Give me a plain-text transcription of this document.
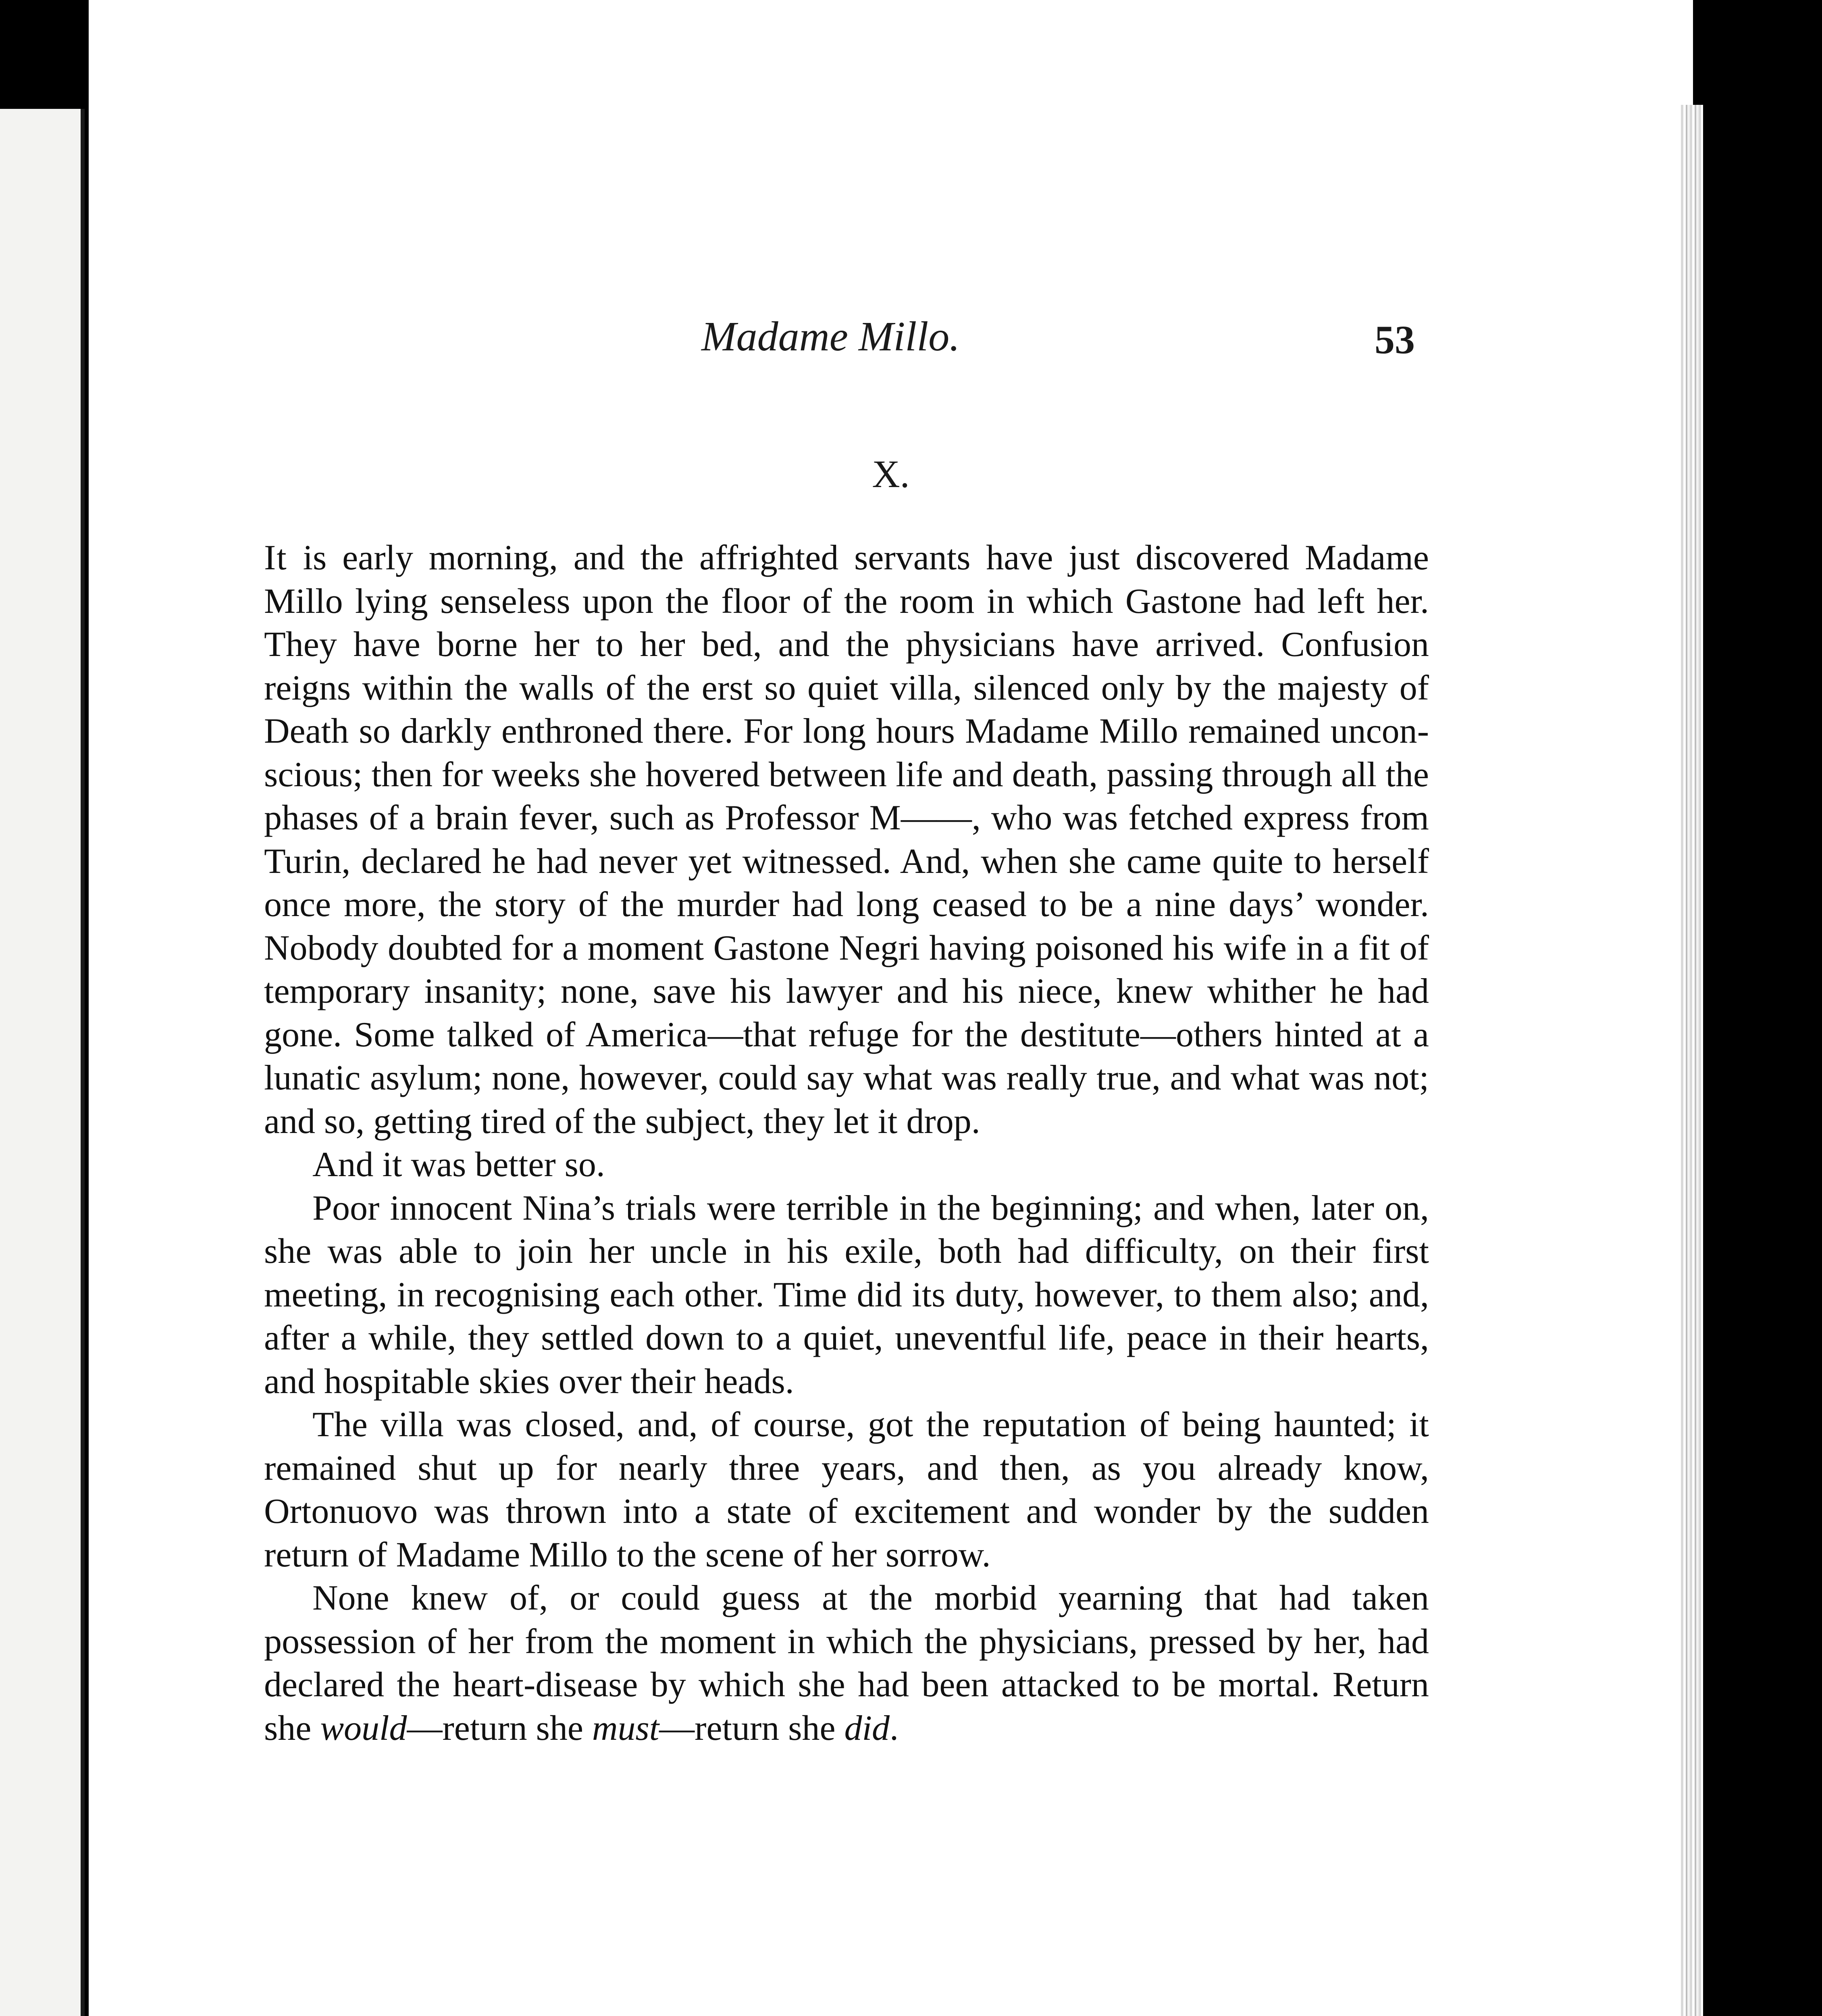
Madame Millo.	53
X.

It is early morning, and the affrighted servants have just discovered Madame Millo lying senseless upon the floor of the room in which Gastone had left her. They have borne her to her bed, and the physicians have arrived. Confusion reigns within the walls of the erst so quiet villa, silenced only by the majesty of Death so darkly enthroned there. For long hours Madame Millo remained unconscious; then for weeks she hovered between life and death, passing through all the phases of a brain fever, such as Professor M——, who was fetched express from Turin, declared he had never yet witnessed. And, when she came quite to herself once more, the story of the murder had long ceased to be a nine days’ wonder. Nobody doubted for a moment Gastone Negri having poisoned his wife in a fit of temporary insanity; none, save his lawyer and his niece, knew whither he had gone. Some talked of America—that refuge for the destitute—others hinted at a lunatic asylum; none, however, could say what was really true, and what was not; and so, getting tired of the subject, they let it drop.

And it was better so.

Poor innocent Nina’s trials were terrible in the beginning; and when, later on, she was able to join her uncle in his exile, both had difficulty, on their first meeting, in recognising each other. Time did its duty, however, to them also; and, after a while, they settled down to a quiet, uneventful life, peace in their hearts, and hospitable skies over their heads.

The villa was closed, and, of course, got the reputation of being haunted; it remained shut up for nearly three years, and then, as you already know, Ortonuovo was thrown into a state of excitement and wonder by the sudden return of Madame Millo to the scene of her sorrow.

None knew of, or could guess at the morbid yearning that had taken possession of her from the moment in which the physicians, pressed by her, had declared the heart-disease by which she had been attacked to be mortal. Return she would—return she must—return she did.
